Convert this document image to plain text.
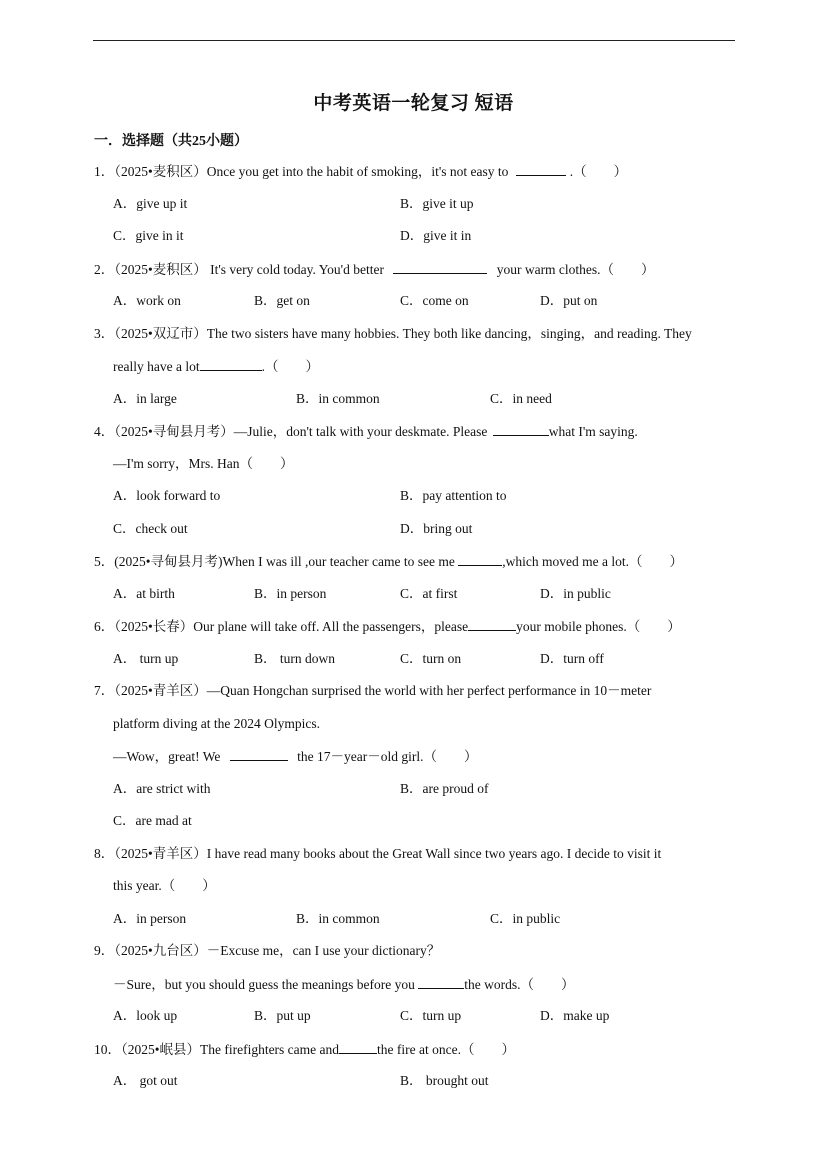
中考英语一轮复习 短语
一．选择题（共25小题）
1．（2025•麦积区）Once you get into the habit of smoking，it's not easy to	.（　　）
A．give up it	B．give it up
C．give in it	D．give it in
2．（2025•麦积区） It's very cold today. You'd better	your warm clothes.（　　）
A．work on	B．get on	C．come on	D．put on
3．（2025•双辽市）The two sisters have many hobbies. They both like dancing，singing，and reading. They
really have a lot	.（　　）
A．in large	B．in common	C．in need
4．（2025•寻甸县月考）—Julie，don't talk with your deskmate. Please	what I'm saying.
—I'm sorry，Mrs. Han（　　）
A．look forward to	B．pay attention to
C．check out	D．bring out
5．(2025•寻甸县月考)When I was ill ,our teacher came to see me	,which moved me a lot.（　　）
A．at birth	B．in person	C．at first	D．in public
6．（2025•长春）Our plane will take off. All the passengers，please	your mobile phones.（　　）
A． turn up	B． turn down	C．turn on	D．turn off
7．（2025•青羊区）—Quan Hongchan surprised the world with her perfect performance in 10－meter
platform diving at the 2024 Olympics.
—Wow，great! We	the 17－year－old girl.（　　）
A．are strict with	B．are proud of
C．are mad at
8．（2025•青羊区）I have read many books about the Great Wall since two years ago. I decide to visit it
this year.（　　）
A．in person	B．in common	C．in public
9．（2025•九台区）－Excuse me，can I use your dictionary？
－Sure，but you should guess the meanings before you	the words.（　　）
A．look up	B．put up	C．turn up	D．make up
10．（2025•岷县）The firefighters came and	the fire at once.（　　）
A． got out	B． brought out
